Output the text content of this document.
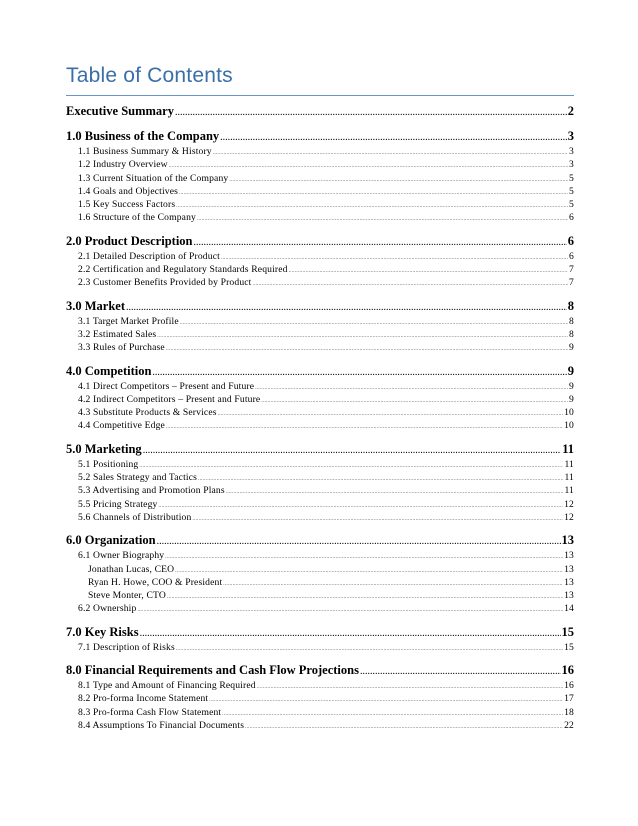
Table of Contents
Executive Summary .....	2
1.0 Business of the Company .....	3
1.1 Business Summary & History .....	3
1.2 Industry Overview .....	3
1.3 Current Situation of the Company .....	5
1.4 Goals and Objectives .....	5
1.5 Key Success Factors .....	5
1.6 Structure of the Company .....	6
2.0 Product Description .....	6
2.1 Detailed Description of Product .....	6
2.2 Certification and Regulatory Standards Required .....	7
2.3 Customer Benefits Provided by Product .....	7
3.0 Market .....	8
3.1 Target Market Profile .....	8
3.2 Estimated Sales .....	8
3.3 Rules of Purchase .....	9
4.0 Competition .....	9
4.1 Direct Competitors – Present and Future .....	9
4.2 Indirect Competitors – Present and Future .....	9
4.3 Substitute Products & Services .....	10
4.4 Competitive Edge .....	10
5.0 Marketing .....	11
5.1 Positioning .....	11
5.2 Sales Strategy and Tactics .....	11
5.3 Advertising and Promotion Plans .....	11
5.5 Pricing Strategy .....	12
5.6 Channels of Distribution .....	12
6.0 Organization .....	13
6.1 Owner Biography .....	13
Jonathan Lucas, CEO .....	13
Ryan H. Howe, COO & President .....	13
Steve Monter, CTO .....	13
6.2 Ownership .....	14
7.0 Key Risks .....	15
7.1 Description of Risks .....	15
8.0 Financial Requirements and Cash Flow Projections .....	16
8.1 Type and Amount of Financing Required .....	16
8.2 Pro-forma Income Statement .....	17
8.3 Pro-forma Cash Flow Statement .....	18
8.4 Assumptions To Financial Documents .....	22
